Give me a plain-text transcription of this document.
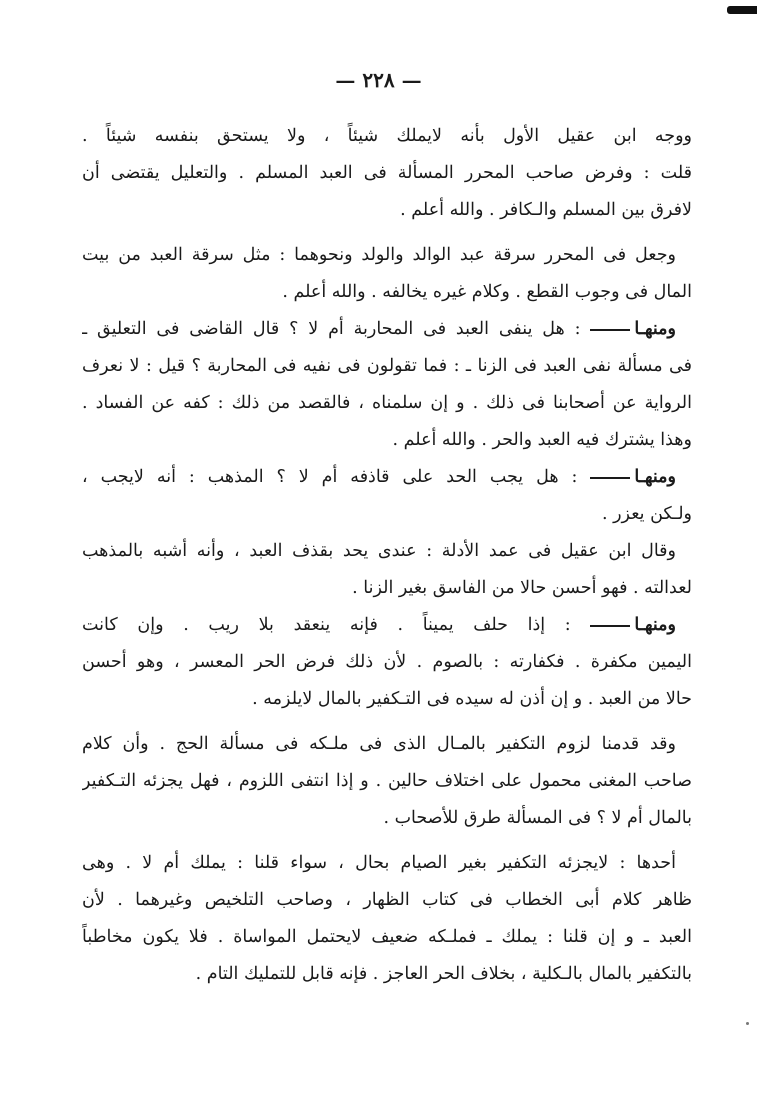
— ٢٢٨ —
ووجه ابن عقيل الأول بأنه لايملك شيئاً ، ولا يستحق بنفسه شيئاً .
قلت : وفرض صاحب المحرر المسألة فى العبد المسلم . والتعليل يقتضى أن
لافرق بين المسلم والـكافر . والله أعلم .
وجعل فى المحرر سرقة عبد الوالد والولد ونحوهما : مثل سرقة العبد من بيت
المال فى وجوب القطع . وكلام غيره يخالفه . والله أعلم .
ومنهـا : هل ينفى العبد فى المحاربة أم لا ؟ قال القاضى فى التعليق ـ
فى مسألة نفى العبد فى الزنا ـ : فما تقولون فى نفيه فى المحاربة ؟ قيل : لا نعرف
الرواية عن أصحابنا فى ذلك . و إن سلمناه ، فالقصد من ذلك : كفه عن الفساد .
وهذا يشترك فيه العبد والحر . والله أعلم .
ومنهـا : هل يجب الحد على قاذفه أم لا ؟ المذهب : أنه لايجب ،
ولـكن يعزر .
وقال ابن عقيل فى عمد الأدلة : عندى يحد بقذف العبد ، وأنه أشبه بالمذهب
لعدالته . فهو أحسن حالا من الفاسق بغير الزنا .
ومنهـا : إذا حلف يميناً . فإنه ينعقد بلا ريب . وإن كانت
اليمين مكفرة . فكفارته : بالصوم . لأن ذلك فرض الحر المعسر ، وهو أحسن
حالا من العبد . و إن أذن له سيده فى التـكفير بالمال لايلزمه .
وقد قدمنا لزوم التكفير بالمـال الذى فى ملـكه فى مسألة الحج . وأن كلام
صاحب المغنى محمول على اختلاف حالين . و إذا انتفى اللزوم ، فهل يجزئه التـكفير
بالمال أم لا ؟ فى المسألة طرق للأصحاب .
أحدها : لايجزئه التكفير بغير الصيام بحال ، سواء قلنا : يملك أم لا . وهى
ظاهر كلام أبى الخطاب فى كتاب الظهار ، وصاحب التلخيص وغيرهما . لأن
العبد ـ و إن قلنا : يملك ـ فملـكه ضعيف لايحتمل المواساة . فلا يكون مخاطباً
بالتكفير بالمال بالـكلية ، بخلاف الحر العاجز . فإنه قابل للتمليك التام .
